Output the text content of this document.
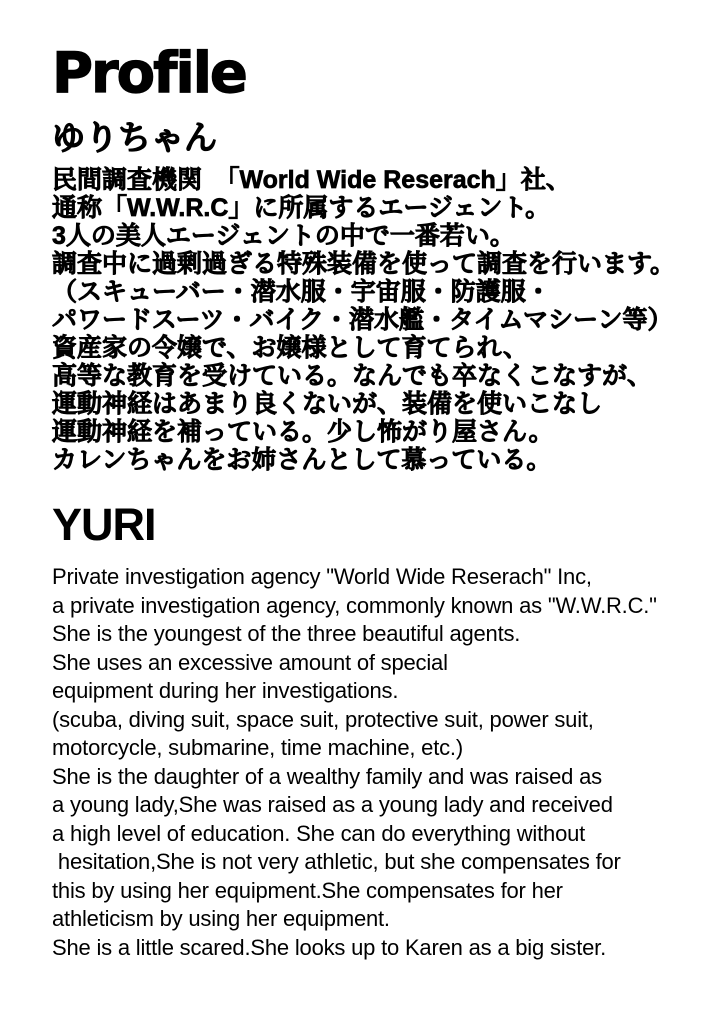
Profile
ゆりちゃん
民間調査機関　「World Wide Reserach」社、
通称「W.W.R.C」に所属するエージェント。
3人の美人エージェントの中で一番若い。
調査中に過剰過ぎる特殊装備を使って調査を行います。
（スキューバー・潜水服・宇宙服・防護服・
パワードスーツ・バイク・潜水艦・タイムマシーン等）
資産家の令嬢で、お嬢様として育てられ、
高等な教育を受けている。なんでも卒なくこなすが、
運動神経はあまり良くないが、装備を使いこなし
運動神経を補っている。少し怖がり屋さん。
カレンちゃんをお姉さんとして慕っている。
YURI
Private investigation agency "World Wide Reserach" Inc,
a private investigation agency, commonly known as "W.W.R.C."
She is the youngest of the three beautiful agents.
She uses an excessive amount of special
equipment during her investigations.
(scuba, diving suit, space suit, protective suit, power suit,
motorcycle, submarine, time machine, etc.)
She is the daughter of a wealthy family and was raised as
a young lady,She was raised as a young lady and received
a high level of education. She can do everything without
hesitation,She is not very athletic, but she compensates for
this by using her equipment.She compensates for her
athleticism by using her equipment.
She is a little scared.She looks up to Karen as a big sister.
